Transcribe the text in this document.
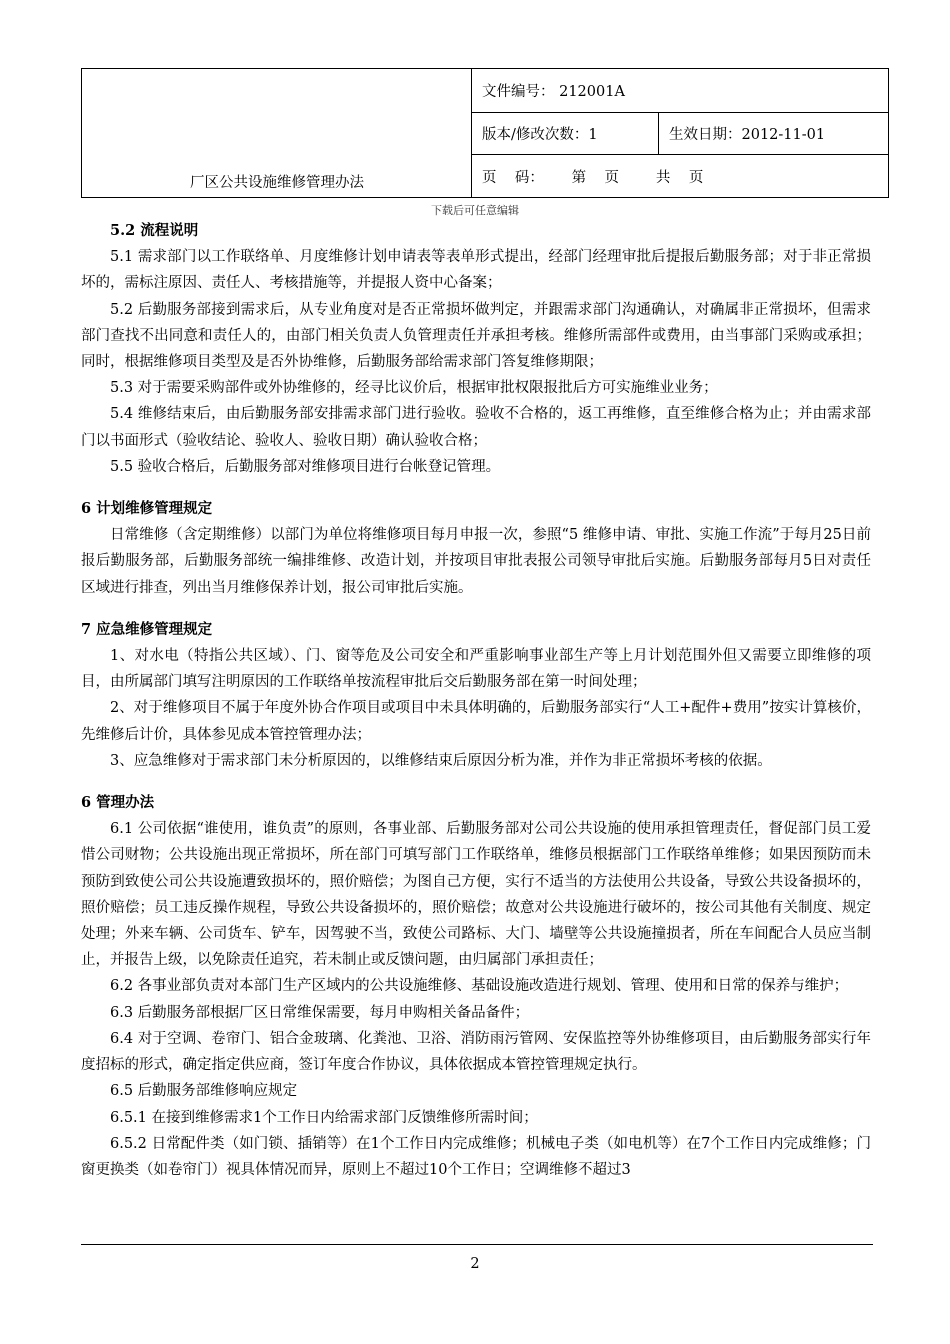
厂区公共设施维修管理办法
文件编号： 212001A
版本/修改次数：1	生效日期：2012-11-01
页    码：      第    页        共    页
下载后可任意编辑

5.2 流程说明

5.1 需求部门以工作联络单、月度维修计划申请表等表单形式提出，经部门经理审批后提报后勤服务部；对于非正常损坏的，需标注原因、责任人、考核措施等，并提报人资中心备案；

5.2 后勤服务部接到需求后，从专业角度对是否正常损坏做判定，并跟需求部门沟通确认，对确属非正常损坏，但需求部门查找不出同意和责任人的，由部门相关负责人负管理责任并承担考核。维修所需部件或费用，由当事部门采购或承担；同时，根据维修项目类型及是否外协维修，后勤服务部给需求部门答复维修期限；

5.3 对于需要采购部件或外协维修的，经寻比议价后，根据审批权限报批后方可实施维业业务；

5.4 维修结束后，由后勤服务部安排需求部门进行验收。验收不合格的，返工再维修，直至维修合格为止；并由需求部门以书面形式（验收结论、验收人、验收日期）确认验收合格；

5.5 验收合格后，后勤服务部对维修项目进行台帐登记管理。

6 计划维修管理规定

日常维修（含定期维修）以部门为单位将维修项目每月申报一次，参照“5 维修申请、审批、实施工作流”于每月25日前报后勤服务部，后勤服务部统一编排维修、改造计划，并按项目审批表报公司领导审批后实施。后勤服务部每月5日对责任区域进行排查，列出当月维修保养计划，报公司审批后实施。

7 应急维修管理规定

1、对水电（特指公共区域）、门、窗等危及公司安全和严重影响事业部生产等上月计划范围外但又需要立即维修的项目，由所属部门填写注明原因的工作联络单按流程审批后交后勤服务部在第一时间处理；

2、对于维修项目不属于年度外协合作项目或项目中未具体明确的，后勤服务部实行“人工+配件+费用”按实计算核价，先维修后计价，具体参见成本管控管理办法；

3、应急维修对于需求部门未分析原因的，以维修结束后原因分析为准，并作为非正常损坏考核的依据。

6 管理办法

6.1 公司依据“谁使用，谁负责”的原则，各事业部、后勤服务部对公司公共设施的使用承担管理责任，督促部门员工爱惜公司财物；公共设施出现正常损坏，所在部门可填写部门工作联络单，维修员根据部门工作联络单维修；如果因预防而未预防到致使公司公共设施遭致损坏的，照价赔偿；为图自己方便，实行不适当的方法使用公共设备，导致公共设备损坏的，照价赔偿；员工违反操作规程，导致公共设备损坏的，照价赔偿；故意对公共设施进行破坏的，按公司其他有关制度、规定处理；外来车辆、公司货车、铲车，因驾驶不当，致使公司路标、大门、墙壁等公共设施撞损者，所在车间配合人员应当制止，并报告上级，以免除责任追究，若未制止或反馈问题，由归属部门承担责任；

6.2 各事业部负责对本部门生产区域内的公共设施维修、基础设施改造进行规划、管理、使用和日常的保养与维护；

6.3 后勤服务部根据厂区日常维保需要，每月申购相关备品备件；

6.4 对于空调、卷帘门、铝合金玻璃、化粪池、卫浴、消防雨污管网、安保监控等外协维修项目，由后勤服务部实行年度招标的形式，确定指定供应商，签订年度合作协议，具体依据成本管控管理规定执行。

6.5 后勤服务部维修响应规定

6.5.1 在接到维修需求1个工作日内给需求部门反馈维修所需时间；

6.5.2 日常配件类（如门锁、插销等）在1个工作日内完成维修；机械电子类（如电机等）在7个工作日内完成维修；门窗更换类（如卷帘门）视具体情况而异，原则上不超过10个工作日；空调维修不超过3

2
